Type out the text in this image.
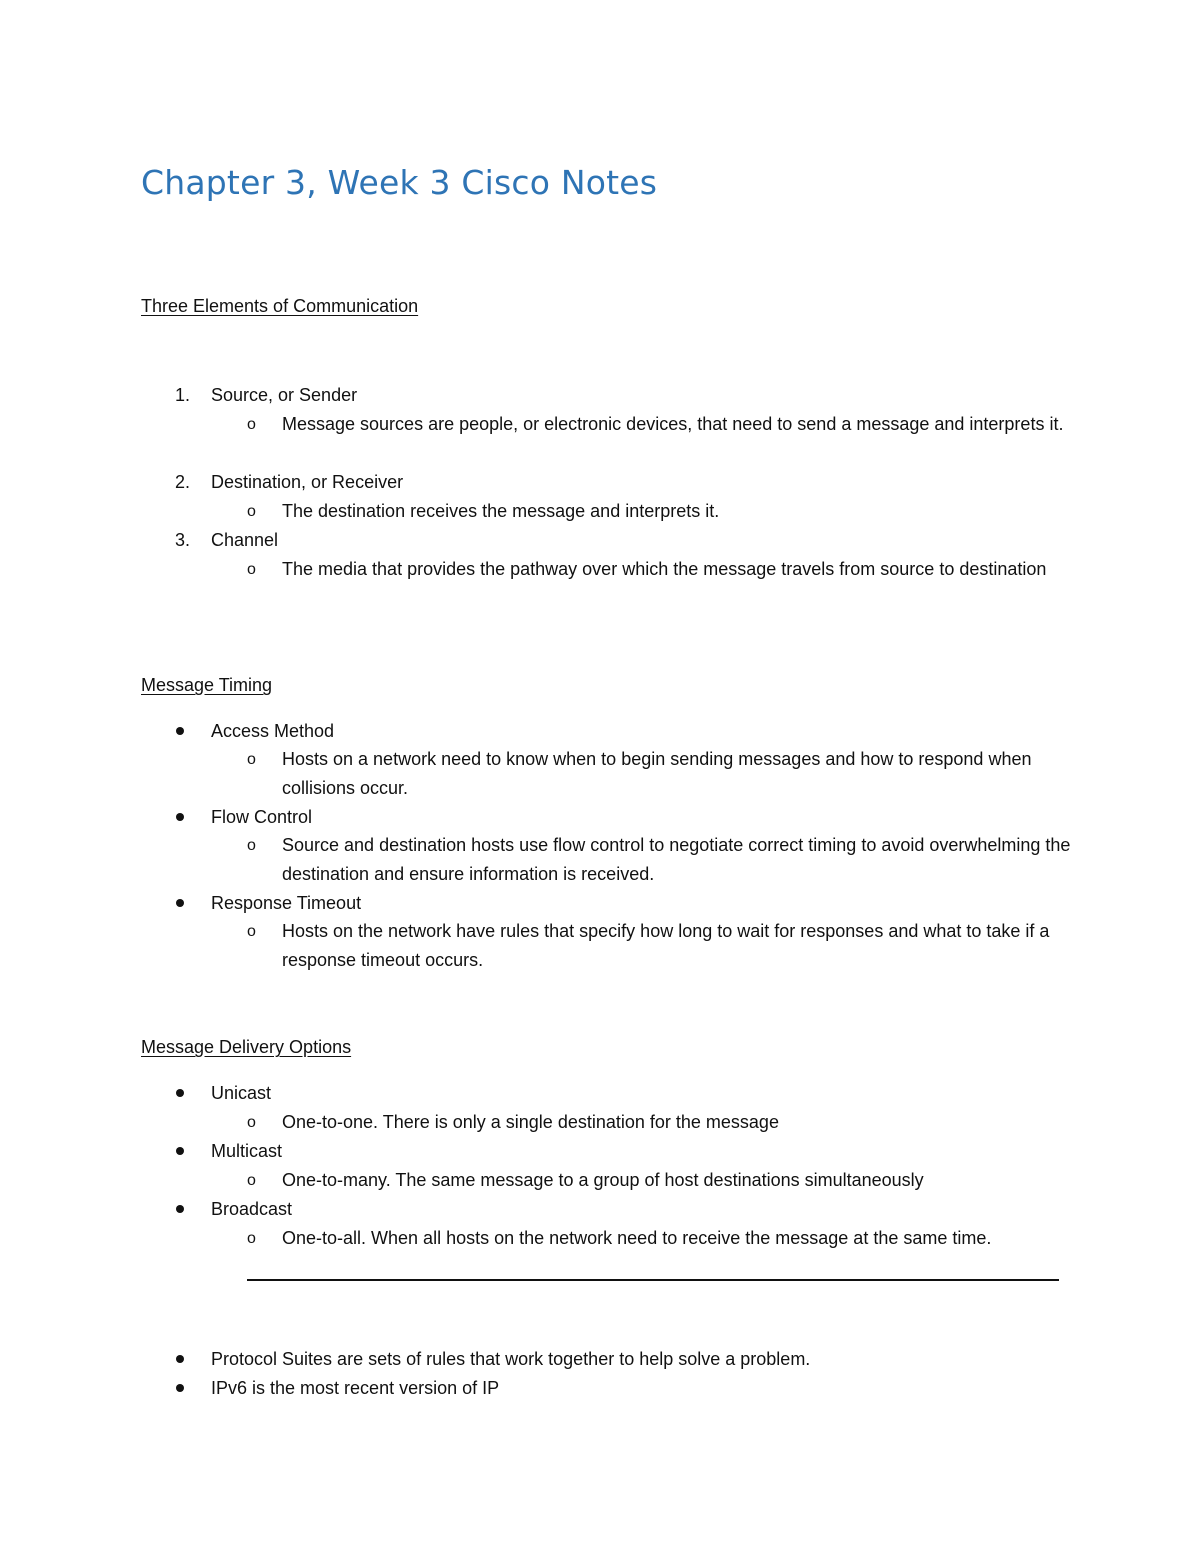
Chapter 3, Week 3 Cisco Notes
Three Elements of Communication
1.	Source, or Sender
o Message sources are people, or electronic devices, that need to send a message and interprets it.
2.	Destination, or Receiver
o The destination receives the message and interprets it.
3.	Channel
o The media that provides the pathway over which the message travels from source to destination
Message Timing
Access Method
o Hosts on a network need to know when to begin sending messages and how to respond when collisions occur.
Flow Control
o Source and destination hosts use flow control to negotiate correct timing to avoid overwhelming the destination and ensure information is received.
Response Timeout
o Hosts on the network have rules that specify how long to wait for responses and what to take if a response timeout occurs.
Message Delivery Options
Unicast
o One-to-one. There is only a single destination for the message
Multicast
o One-to-many. The same message to a group of host destinations simultaneously
Broadcast
o One-to-all. When all hosts on the network need to receive the message at the same time.
Protocol Suites are sets of rules that work together to help solve a problem.
IPv6 is the most recent version of IP
